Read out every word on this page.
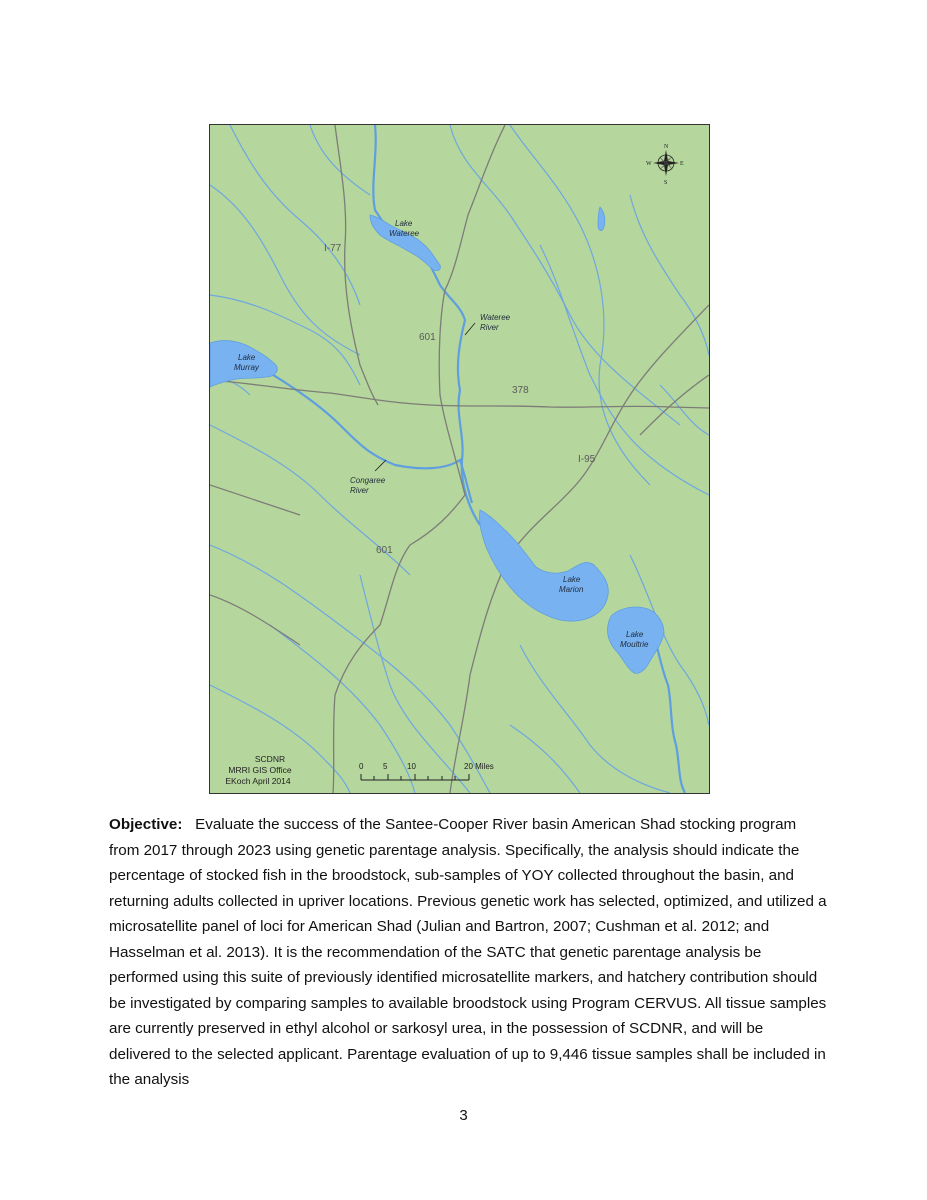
Lake
Wateree
Wateree
River
Lake
Murray
Congaree
River
Lake
Marion
Lake
Moultrie
I-77
601
378
I-95
601
N
S
E
W
SCDNR
MRRI GIS Office
EKoch April 2014
0 5 10	20 Miles

Objective: Evaluate the success of the Santee-Cooper River basin American Shad stocking program from 2017 through 2023 using genetic parentage analysis. Specifically, the analysis should indicate the percentage of stocked fish in the broodstock, sub-samples of YOY collected throughout the basin, and returning adults collected in upriver locations. Previous genetic work has selected, optimized, and utilized a microsatellite panel of loci for American Shad (Julian and Bartron, 2007; Cushman et al. 2012; and Hasselman et al. 2013). It is the recommendation of the SATC that genetic parentage analysis be performed using this suite of previously identified microsatellite markers, and hatchery contribution should be investigated by comparing samples to available broodstock using Program CERVUS. All tissue samples are currently preserved in ethyl alcohol or sarkosyl urea, in the possession of SCDNR, and will be delivered to the selected applicant. Parentage evaluation of up to 9,446 tissue samples shall be included in the analysis

3
